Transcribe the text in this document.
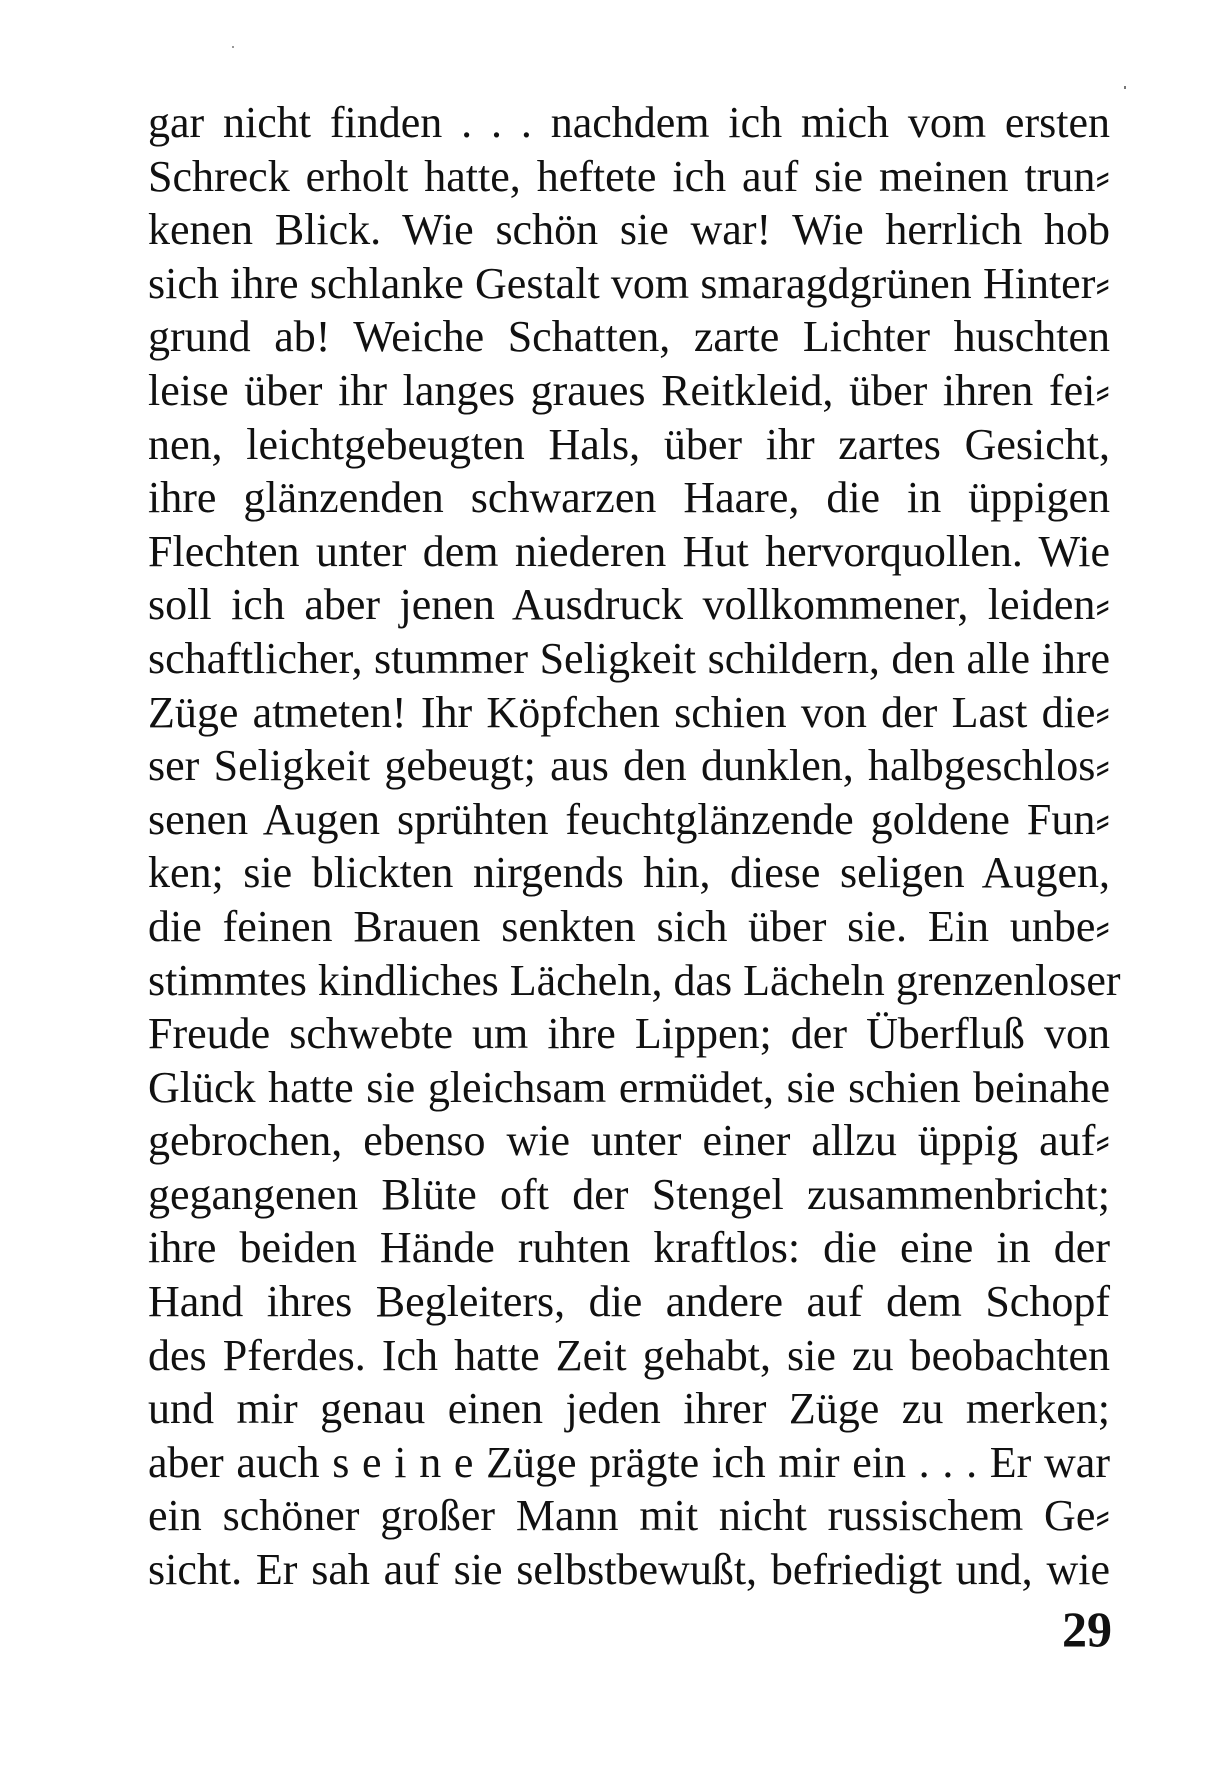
gar nicht finden . . . nachdem ich mich vom ersten
Schreck erholt hatte, heftete ich auf sie meinen trun⸗
kenen Blick. Wie schön sie war! Wie herrlich hob
sich ihre schlanke Gestalt vom smaragdgrünen Hinter⸗
grund ab! Weiche Schatten, zarte Lichter huschten
leise über ihr langes graues Reitkleid, über ihren fei⸗
nen, leichtgebeugten Hals, über ihr zartes Gesicht,
ihre glänzenden schwarzen Haare, die in üppigen
Flechten unter dem niederen Hut hervorquollen. Wie
soll ich aber jenen Ausdruck vollkommener, leiden⸗
schaftlicher, stummer Seligkeit schildern, den alle ihre
Züge atmeten! Ihr Köpfchen schien von der Last die⸗
ser Seligkeit gebeugt; aus den dunklen, halbgeschlos⸗
senen Augen sprühten feuchtglänzende goldene Fun⸗
ken; sie blickten nirgends hin, diese seligen Augen,
die feinen Brauen senkten sich über sie. Ein unbe⸗
stimmtes kindliches Lächeln, das Lächeln grenzenloser
Freude schwebte um ihre Lippen; der Überfluß von
Glück hatte sie gleichsam ermüdet, sie schien beinahe
gebrochen, ebenso wie unter einer allzu üppig auf⸗
gegangenen Blüte oft der Stengel zusammenbricht;
ihre beiden Hände ruhten kraftlos: die eine in der
Hand ihres Begleiters, die andere auf dem Schopf
des Pferdes. Ich hatte Zeit gehabt, sie zu beobachten
und mir genau einen jeden ihrer Züge zu merken;
aber auch s e i n e Züge prägte ich mir ein . . . Er war
ein schöner großer Mann mit nicht russischem Ge⸗
sicht. Er sah auf sie selbstbewußt, befriedigt und, wie
29
